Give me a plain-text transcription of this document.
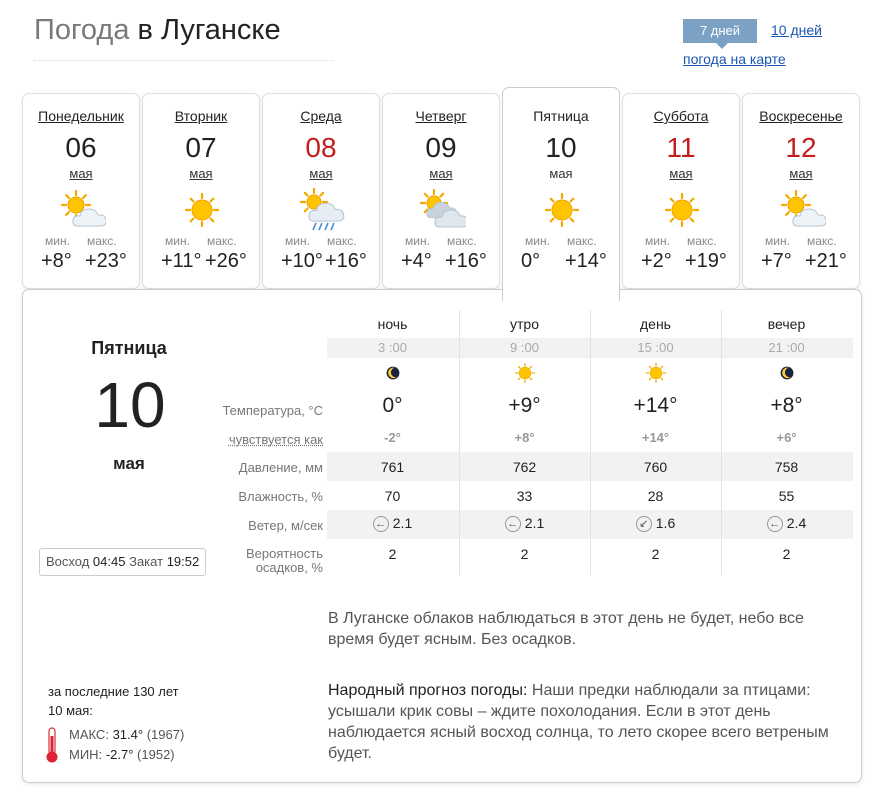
Погода в Луганске	7 дней	10 дней
погода на карте
Понедельник
06
мая
мин. макс.
+8° +23°
Вторник
07
мая
мин. макс.
+11° +26°
Среда
08
мая
мин. макс.
+10° +16°
Четверг
09
мая
мин. макс.
+4° +16°
Пятница
10
мая
мин. макс.
0° +14°
Суббота
11
мая
мин. макс.
+2° +19°
Воскресенье
12
мая
мин. макс.
+7° +21°
Пятница
10
мая
Восход 04:45 Закат 19:52
Температура, °C
чувствуется как
Давление, мм
Влажность, %
Ветер, м/сек
Вероятность
осадков, %
ночь
3 :00
0°
-2°
761
70
← 2.1
2
утро
9 :00
+9°
+8°
762
33
← 2.1
2
день
15 :00
+14°
+14°
760
28
↙ 1.6
2
вечер
21 :00
+8°
+6°
758
55
← 2.4
2
В Луганске облаков наблюдаться в этот день не будет, небо все время будет ясным. Без осадков.
Народный прогноз погоды: Наши предки наблюдали за птицами: усышали крик совы – ждите похолодания. Если в этот день наблюдается ясный восход солнца, то лето скорее всего ветреным будет.
за последние 130 лет
10 мая:
МАКС: 31.4° (1967)
МИН: -2.7° (1952)
